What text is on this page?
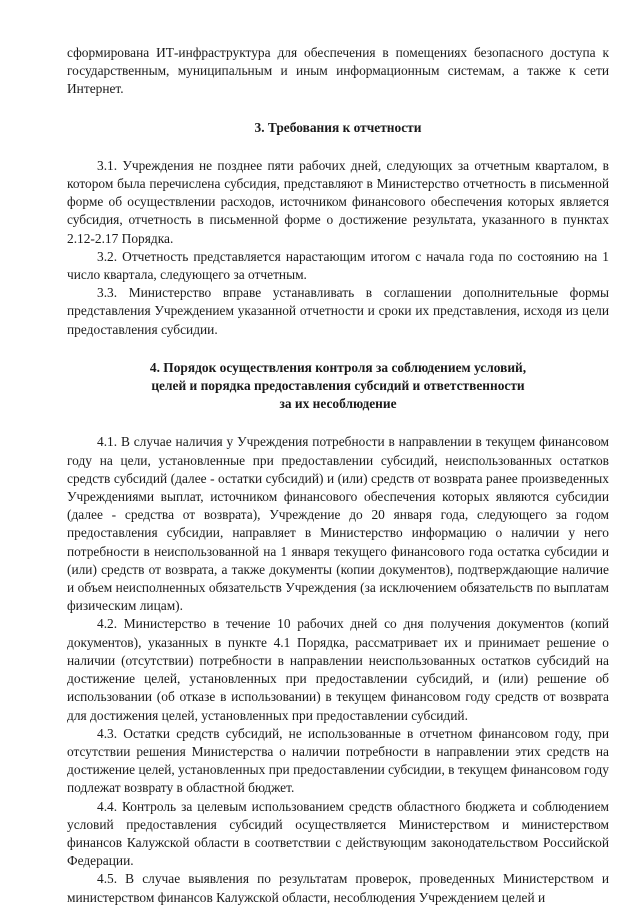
сформирована ИТ-инфраструктура для обеспечения в помещениях безопасного доступа к государственным, муниципальным и иным информационным системам, а также к сети Интернет.

3. Требования к отчетности

3.1. Учреждения не позднее пяти рабочих дней, следующих за отчетным кварталом, в котором была перечислена субсидия, представляют в Министерство отчетность в письменной форме об осуществлении расходов, источником финансового обеспечения которых является субсидия, отчетность в письменной форме о достижение результата, указанного в пунктах 2.12-2.17 Порядка.

3.2. Отчетность представляется нарастающим итогом с начала года по состоянию на 1 число квартала, следующего за отчетным.

3.3. Министерство вправе устанавливать в соглашении дополнительные формы представления Учреждением указанной отчетности и сроки их представления, исходя из цели предоставления субсидии.

4. Порядок осуществления контроля за соблюдением условий,
целей и порядка предоставления субсидий и ответственности
за их несоблюдение

4.1. В случае наличия у Учреждения потребности в направлении в текущем финансовом году на цели, установленные при предоставлении субсидий, неиспользованных остатков средств субсидий (далее - остатки субсидий) и (или) средств от возврата ранее произведенных Учреждениями выплат, источником финансового обеспечения которых являются субсидии (далее - средства от возврата), Учреждение до 20 января года, следующего за годом предоставления субсидии, направляет в Министерство информацию о наличии у него потребности в неиспользованной на 1 января текущего финансового года остатка субсидии и (или) средств от возврата, а также документы (копии документов), подтверждающие наличие и объем неисполненных обязательств Учреждения (за исключением обязательств по выплатам физическим лицам).

4.2. Министерство в течение 10 рабочих дней со дня получения документов (копий документов), указанных в пункте 4.1 Порядка, рассматривает их и принимает решение о наличии (отсутствии) потребности в направлении неиспользованных остатков субсидий на достижение целей, установленных при предоставлении субсидий, и (или) решение об использовании (об отказе в использовании) в текущем финансовом году средств от возврата для достижения целей, установленных при предоставлении субсидий.

4.3. Остатки средств субсидий, не использованные в отчетном финансовом году, при отсутствии решения Министерства о наличии потребности в направлении этих средств на достижение целей, установленных при предоставлении субсидии, в текущем финансовом году подлежат возврату в областной бюджет.

4.4. Контроль за целевым использованием средств областного бюджета и соблюдением условий предоставления субсидий осуществляется Министерством и министерством финансов Калужской области в соответствии с действующим законодательством Российской Федерации.

4.5. В случае выявления по результатам проверок, проведенных Министерством и министерством финансов Калужской области, несоблюдения Учреждением целей и
